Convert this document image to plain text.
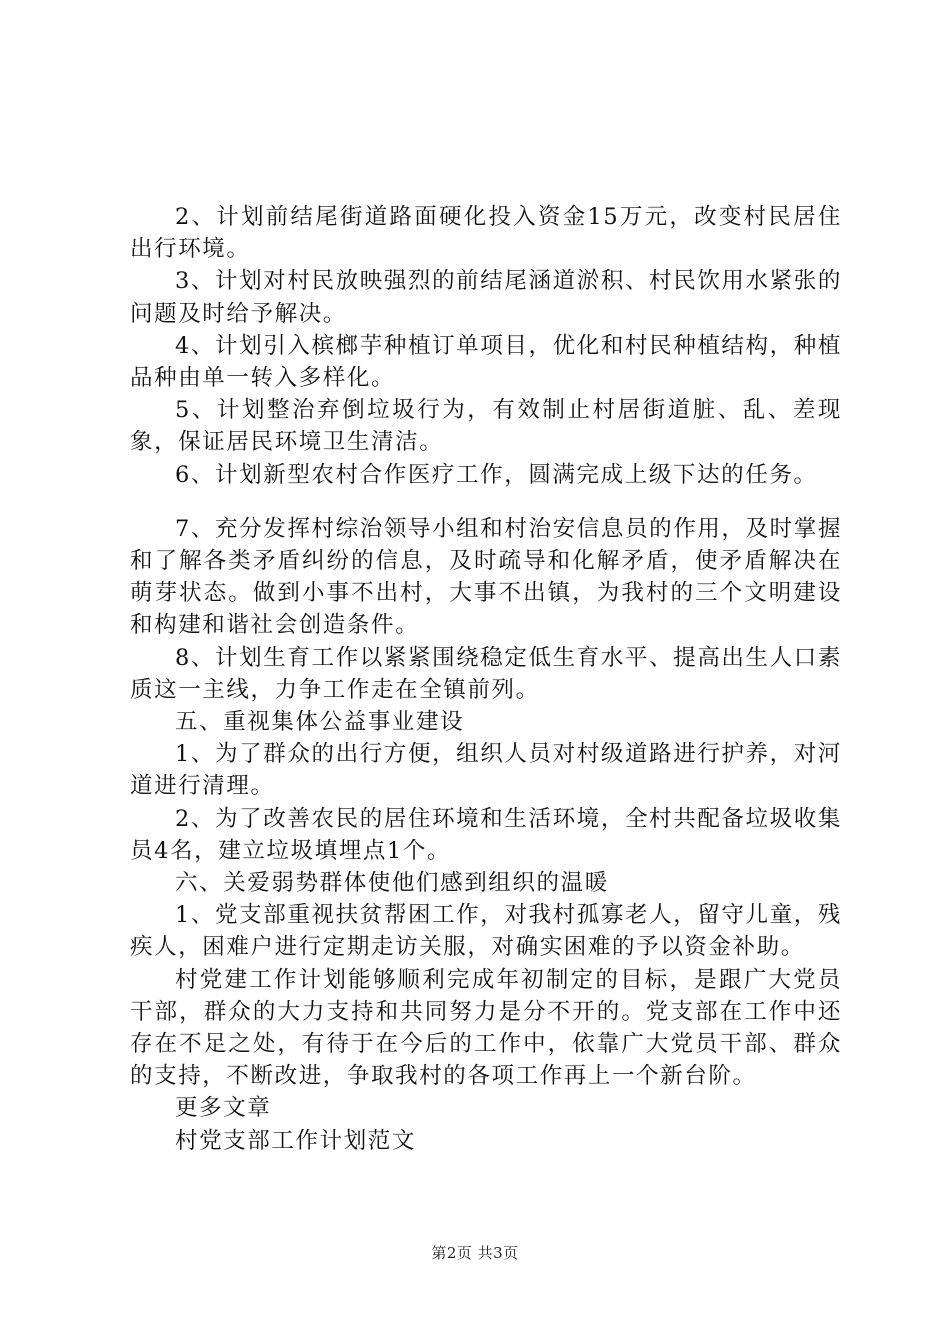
2、计划前结尾街道路面硬化投入资金15万元，改变村民居住出行环境。

3、计划对村民放映强烈的前结尾涵道淤积、村民饮用水紧张的问题及时给予解决。

4、计划引入槟榔芋种植订单项目，优化和村民种植结构，种植品种由单一转入多样化。

5、计划整治弃倒垃圾行为，有效制止村居街道脏、乱、差现象，保证居民环境卫生清洁。

6、计划新型农村合作医疗工作，圆满完成上级下达的任务。

7、充分发挥村综治领导小组和村治安信息员的作用，及时掌握和了解各类矛盾纠纷的信息，及时疏导和化解矛盾，使矛盾解决在萌芽状态。做到小事不出村，大事不出镇，为我村的三个文明建设和构建和谐社会创造条件。

8、计划生育工作以紧紧围绕稳定低生育水平、提高出生人口素质这一主线，力争工作走在全镇前列。

五、重视集体公益事业建设

1、为了群众的出行方便，组织人员对村级道路进行护养，对河道进行清理。

2、为了改善农民的居住环境和生活环境，全村共配备垃圾收集员4名，建立垃圾填埋点1个。

六、关爱弱势群体使他们感到组织的温暖

1、党支部重视扶贫帮困工作，对我村孤寡老人，留守儿童，残疾人，困难户进行定期走访关服，对确实困难的予以资金补助。

村党建工作计划能够顺利完成年初制定的目标，是跟广大党员干部，群众的大力支持和共同努力是分不开的。党支部在工作中还存在不足之处，有待于在今后的工作中，依靠广大党员干部、群众的支持，不断改进，争取我村的各项工作再上一个新台阶。

更多文章

村党支部工作计划范文

第2页 共3页
